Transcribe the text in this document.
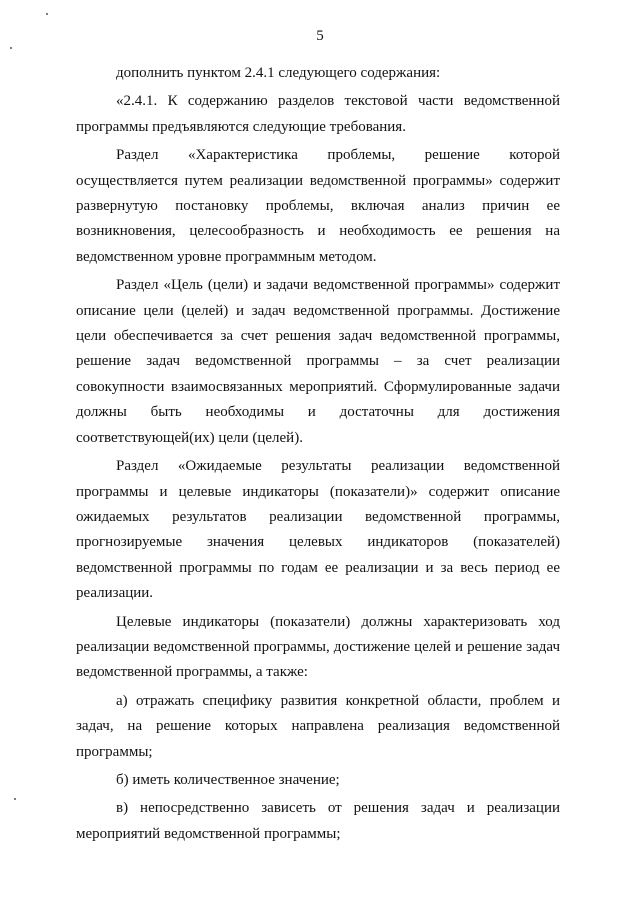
5

дополнить пунктом 2.4.1 следующего содержания:

«2.4.1. К содержанию разделов текстовой части ведомственной программы предъявляются следующие требования.

Раздел «Характеристика проблемы, решение которой осуществляется путем реализации ведомственной программы» содержит развернутую постановку проблемы, включая анализ причин ее возникновения, целесообразность и необходимость ее решения на ведомственном уровне программным методом.

Раздел «Цель (цели) и задачи ведомственной программы» содержит описание цели (целей) и задач ведомственной программы. Достижение цели обеспечивается за счет решения задач ведомственной программы, решение задач ведомственной программы – за счет реализации совокупности взаимосвязанных мероприятий. Сформулированные задачи должны быть необходимы и достаточны для достижения соответствующей(их) цели (целей).

Раздел «Ожидаемые результаты реализации ведомственной программы и целевые индикаторы (показатели)» содержит описание ожидаемых результатов реализации ведомственной программы, прогнозируемые значения целевых индикаторов (показателей) ведомственной программы по годам ее реализации и за весь период ее реализации.

Целевые индикаторы (показатели) должны характеризовать ход реализации ведомственной программы, достижение целей и решение задач ведомственной программы, а также:

а) отражать специфику развития конкретной области, проблем и задач, на решение которых направлена реализация ведомственной программы;

б) иметь количественное значение;

в) непосредственно зависеть от решения задач и реализации мероприятий ведомственной программы;
